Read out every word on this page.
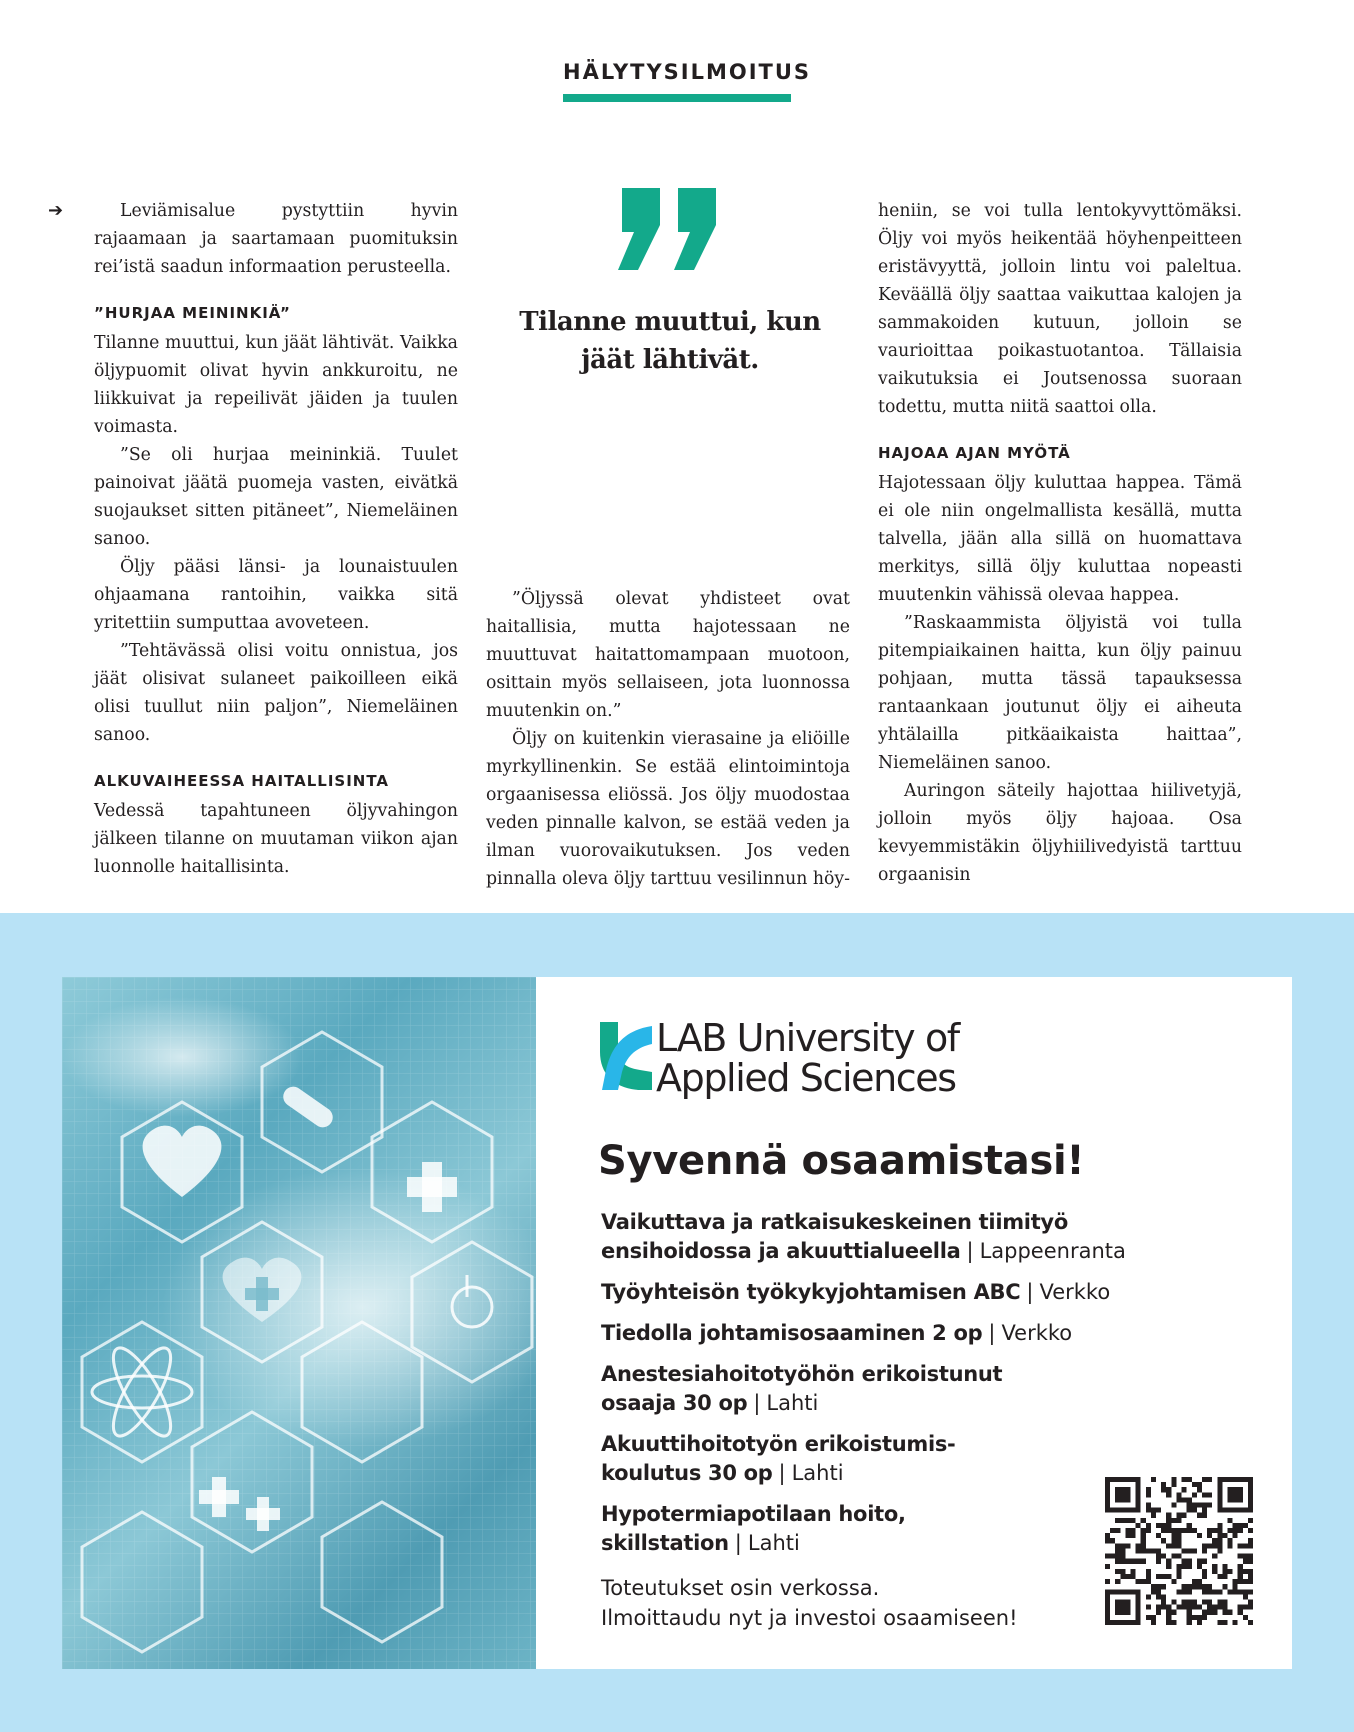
HÄLYTYSILMOITUS
➔	Leviämisalue pystyttiin hyvin rajaamaan ja saartamaan puomituksin rei’istä saadun informaation perusteella.

”HURJAA MEININKIÄ”

Tilanne muuttui, kun jäät lähtivät. Vaikka öljypuomit olivat hyvin ankkuroitu, ne liikkuivat ja repeilivät jäiden ja tuulen voimasta.

”Se oli hurjaa meininkiä. Tuulet painoivat jäätä puomeja vasten, eivätkä suojaukset sitten pitäneet”, Niemeläinen sanoo.

Öljy pääsi länsi- ja lounaistuulen ohjaamana rantoihin, vaikka sitä yritettiin sumputtaa avoveteen.

”Tehtävässä olisi voitu onnistua, jos jäät olisivat sulaneet paikoilleen eikä olisi tuullut niin paljon”, Niemeläinen sanoo.

ALKUVAIHEESSA HAITALLISINTA

Vedessä tapahtuneen öljyvahingon jälkeen tilanne on muutaman viikon ajan luonnolle haitallisinta.

Tilanne muuttui, kun jäät lähtivät.

”Öljyssä olevat yhdisteet ovat haitallisia, mutta hajotessaan ne muuttuvat haitattomampaan muotoon, osittain myös sellaiseen, jota luonnossa muutenkin on.”

Öljy on kuitenkin vierasaine ja eliöille myrkyllinenkin. Se estää elintoimintoja orgaanisessa eliössä. Jos öljy muodostaa veden pinnalle kalvon, se estää veden ja ilman vuorovaikutuksen. Jos veden pinnalla oleva öljy tarttuu vesilinnun höy-

heniin, se voi tulla lentokyvyttömäksi. Öljy voi myös heikentää höyhenpeitteen eristävyyttä, jolloin lintu voi paleltua. Keväällä öljy saattaa vaikuttaa kalojen ja sammakoiden kutuun, jolloin se vaurioittaa poikastuotantoa. Tällaisia vaikutuksia ei Joutsenossa suoraan todettu, mutta niitä saattoi olla.

HAJOAA AJAN MYÖTÄ

Hajotessaan öljy kuluttaa happea. Tämä ei ole niin ongelmallista kesällä, mutta talvella, jään alla sillä on huomattava merkitys, sillä öljy kuluttaa nopeasti muutenkin vähissä olevaa happea.

”Raskaammista öljyistä voi tulla pitempiaikainen haitta, kun öljy painuu pohjaan, mutta tässä tapauksessa rantaankaan joutunut öljy ei aiheuta yhtälailla pitkäaikaista haittaa”, Niemeläinen sanoo.

Auringon säteily hajottaa hiilivetyjä, jolloin myös öljy hajoaa. Osa kevyemmistäkin öljyhiilivedyistä tarttuu orgaanisin

LAB University of
Applied Sciences
Syvennä osaamistasi!
Vaikuttava ja ratkaisukeskeinen tiimityö
ensihoidossa ja akuuttialueella | Lappeenranta
Työyhteisön työkykyjohtamisen ABC | Verkko
Tiedolla johtamisosaaminen 2 op | Verkko
Anestesiahoitotyöhön erikoistunut
osaaja 30 op | Lahti
Akuuttihoitotyön erikoistumis-
koulutus 30 op | Lahti
Hypotermiapotilaan hoito,
skillstation | Lahti
Toteutukset osin verkossa.
Ilmoittaudu nyt ja investoi osaamiseen!
